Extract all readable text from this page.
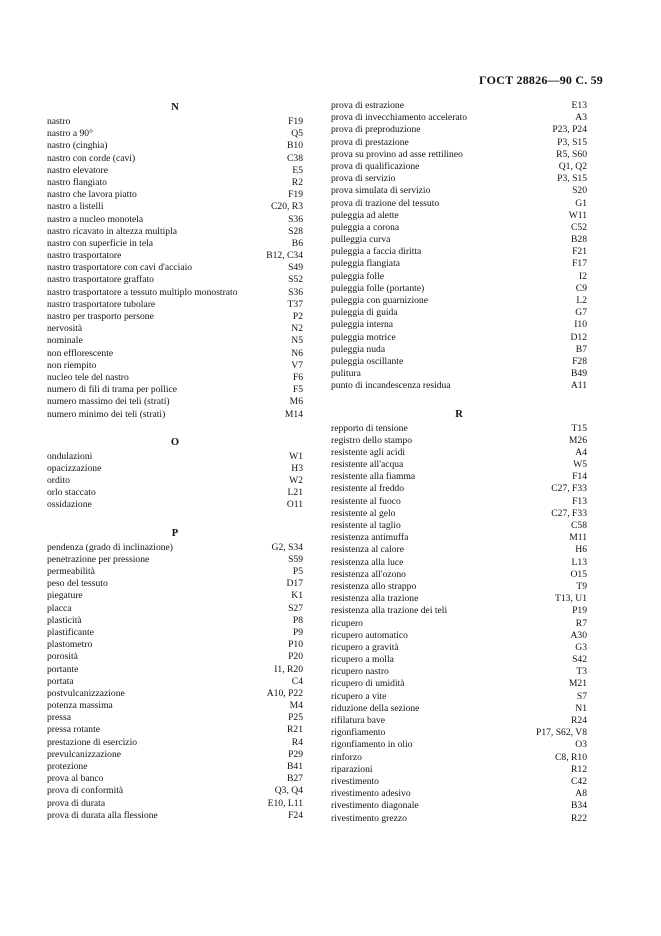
ГОСТ 28826—90 С. 59
N
nastro	F19
nastro a 90°	Q5
nastro (cinghia)	B10
nastro con corde (cavi)	C38
nastro elevatore	E5
nastro flangiato	R2
nastro che lavora piatto	F19
nastro a listelli	C20, R3
nastro a nucleo monotela	S36
nastro ricavato in altezza multipla	S28
nastro con superficie in tela	B6
nastro trasportatore	B12, C34
nastro trasportatore con cavi d'acciaio	S49
nastro trasportatore graffato	S52
nastro trasportatore a tessuto multiplo monostrato	S36
nastro trasportatore tubolare	T37
nastro per trasporto persone	P2
nervosità	N2
nominale	N5
non efflorescente	N6
non riempito	V7
nucleo tele del nastro	F6
numero di fili di trama per pollice	F5
numero massimo dei teli (strati)	M6
numero minimo dei teli (strati)	M14
O
ondulazioni	W1
opacizzazione	H3
ordito	W2
orlo staccato	L21
ossidazione	O11
P
pendenza (grado di inclinazione)	G2, S34
penetrazione per pressione	S59
permeabilità	P5
peso del tessuto	D17
piegature	K1
placca	S27
plasticità	P8
plastificante	P9
plastometro	P10
porosità	P20
portante	I1, R20
portata	C4
postvulcanizzazione	A10, P22
potenza massima	M4
pressa	P25
pressa rotante	R21
prestazione di esercizio	R4
prevulcanizzazione	P29
protezione	B41
prova al banco	B27
prova di conformità	Q3, Q4
prova di durata	E10, L11
prova di durata alla flessione	F24
prova di estrazione	E13
prova di invecchiamento accelerato	A3
prova di preproduzione	P23, P24
prova di prestazione	P3, S15
prova su provino ad asse rettilineo	R5, S60
prova di qualificazione	Q1, Q2
prova di servizio	P3, S15
prova simulata di servizio	S20
prova di trazione del tessuto	G1
puleggia ad alette	W11
puleggia a corona	C52
pulleggia curva	B28
puleggia a faccia diritta	F21
puleggia flangiata	F17
puleggia folle	I2
puleggia folle (portante)	C9
puleggia con guarnizione	L2
puleggia di guida	G7
puleggia interna	I10
puleggia motrice	D12
puleggia nuda	B7
puleggia oscillante	F28
pulitura	B49
punto di incandescenza residua	A11
R
repporto di tensione	T15
registro dello stampo	M26
resistente agli acidi	A4
resistente all'acqua	W5
resistente alla fiamma	F14
resistente al freddo	C27, F33
resistente al fuoco	F13
resistente al gelo	C27, F33
resistente al taglio	C58
resistenza antimuffa	M11
resistenza al calore	H6
resistenza alla luce	L13
resistenza all'ozono	O15
resistenza allo strappo	T9
resistenza alla trazione	T13, U1
resistenza alla trazione dei teli	P19
ricupero	R7
ricupero automatico	A30
ricupero a gravità	G3
ricupero a molla	S42
ricupero nastro	T3
ricupero di umidità	M21
ricupero a vite	S7
riduzione della sezione	N1
rifilatura bave	R24
rigonfiamento	P17, S62, V8
rigonfiamento in olio	O3
rinforzo	C8, R10
riparazioni	R12
rivestimento	C42
rivestimento adesivo	A8
rivestimento diagonale	B34
rivestimento grezzo	R22
